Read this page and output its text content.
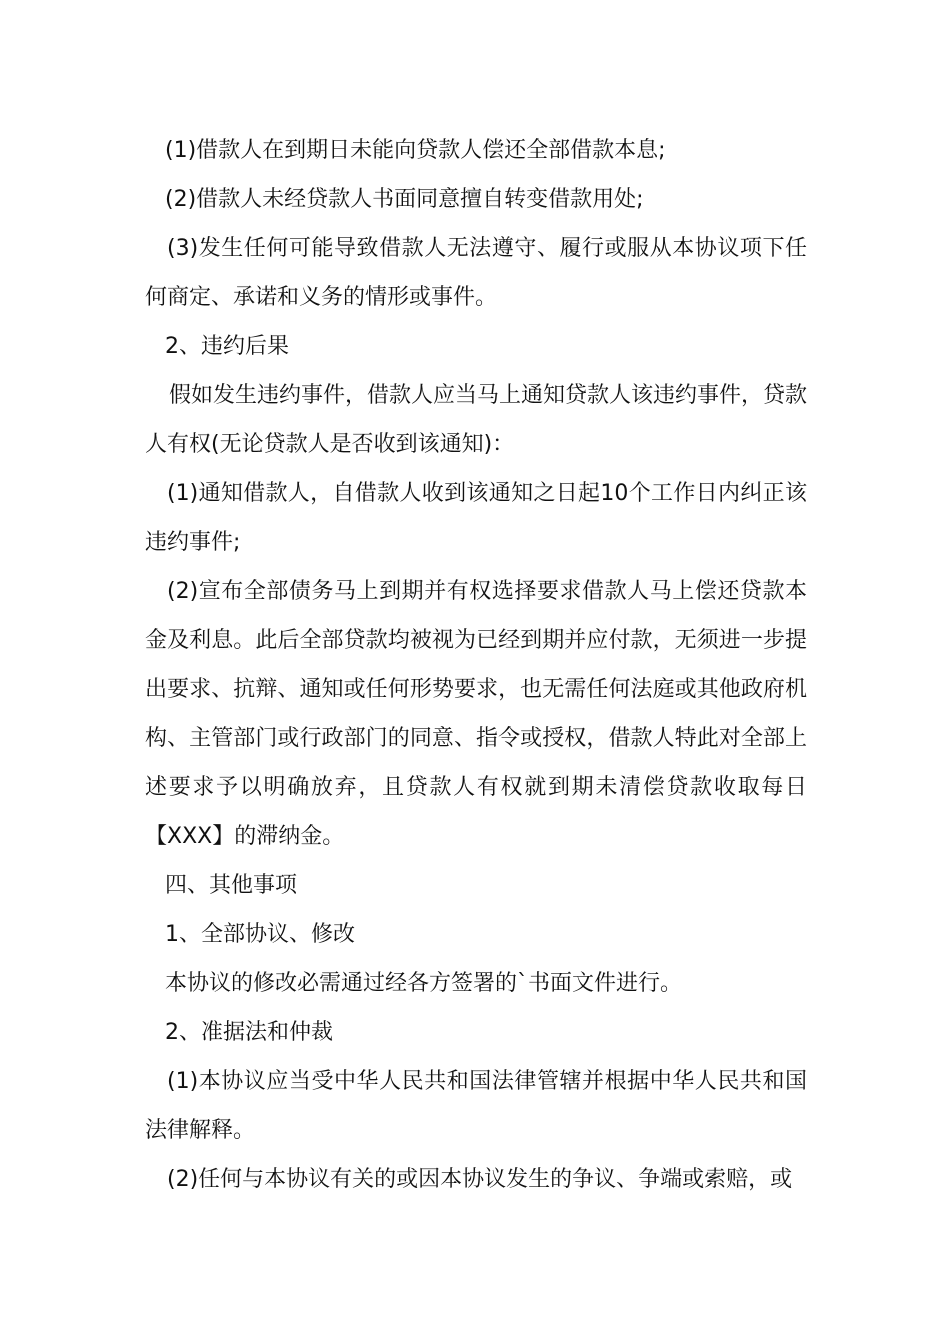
(1)借款人在到期日未能向贷款人偿还全部借款本息;

(2)借款人未经贷款人书面同意擅自转变借款用处;

(3)发生任何可能导致借款人无法遵守、履行或服从本协议项下任何商定、承诺和义务的情形或事件。

2、违约后果

假如发生违约事件，借款人应当马上通知贷款人该违约事件，贷款人有权(无论贷款人是否收到该通知)：

(1)通知借款人，自借款人收到该通知之日起10个工作日内纠正该违约事件;

(2)宣布全部债务马上到期并有权选择要求借款人马上偿还贷款本金及利息。此后全部贷款均被视为已经到期并应付款，无须进一步提出要求、抗辩、通知或任何形势要求，也无需任何法庭或其他政府机构、主管部门或行政部门的同意、指令或授权，借款人特此对全部上述要求予以明确放弃，且贷款人有权就到期未清偿贷款收取每日【XXX】的滞纳金。

四、其他事项

1、全部协议、修改

本协议的修改必需通过经各方签署的`书面文件进行。

2、准据法和仲裁

(1)本协议应当受中华人民共和国法律管辖并根据中华人民共和国法律解释。

(2)任何与本协议有关的或因本协议发生的争议、争端或索赔，或
